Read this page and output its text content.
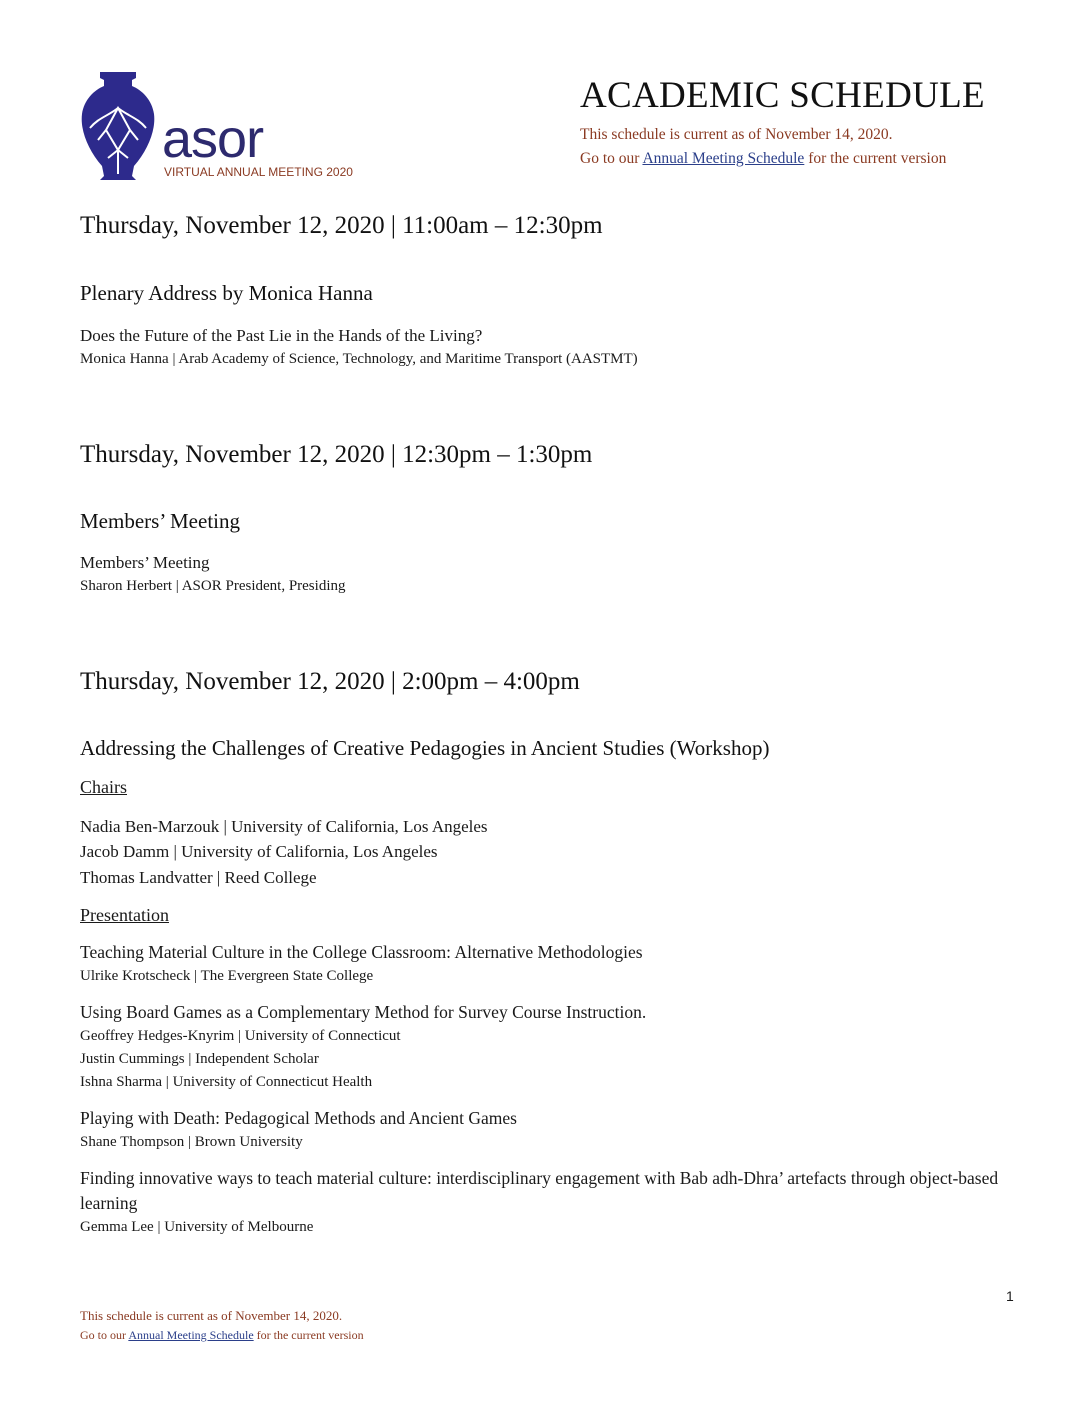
asor
VIRTUAL ANNUAL MEETING 2020
ACADEMIC SCHEDULE
This schedule is current as of November 14, 2020.
Go to our Annual Meeting Schedule for the current version
Thursday, November 12, 2020 | 11:00am – 12:30pm
Plenary Address by Monica Hanna
Does the Future of the Past Lie in the Hands of the Living?
Monica Hanna | Arab Academy of Science, Technology, and Maritime Transport (AASTMT)
Thursday, November 12, 2020 | 12:30pm – 1:30pm
Members’ Meeting
Members’ Meeting
Sharon Herbert | ASOR President, Presiding
Thursday, November 12, 2020 | 2:00pm – 4:00pm
Addressing the Challenges of Creative Pedagogies in Ancient Studies (Workshop)
Chairs
Nadia Ben-Marzouk | University of California, Los Angeles
Jacob Damm | University of California, Los Angeles
Thomas Landvatter | Reed College
Presentation
Teaching Material Culture in the College Classroom: Alternative Methodologies
Ulrike Krotscheck | The Evergreen State College
Using Board Games as a Complementary Method for Survey Course Instruction.
Geoffrey Hedges-Knyrim | University of Connecticut
Justin Cummings | Independent Scholar
Ishna Sharma | University of Connecticut Health
Playing with Death: Pedagogical Methods and Ancient Games
Shane Thompson | Brown University
Finding innovative ways to teach material culture: interdisciplinary engagement with Bab adh-Dhra’ artefacts through object-based learning
Gemma Lee | University of Melbourne
1
This schedule is current as of November 14, 2020.
Go to our Annual Meeting Schedule for the current version
